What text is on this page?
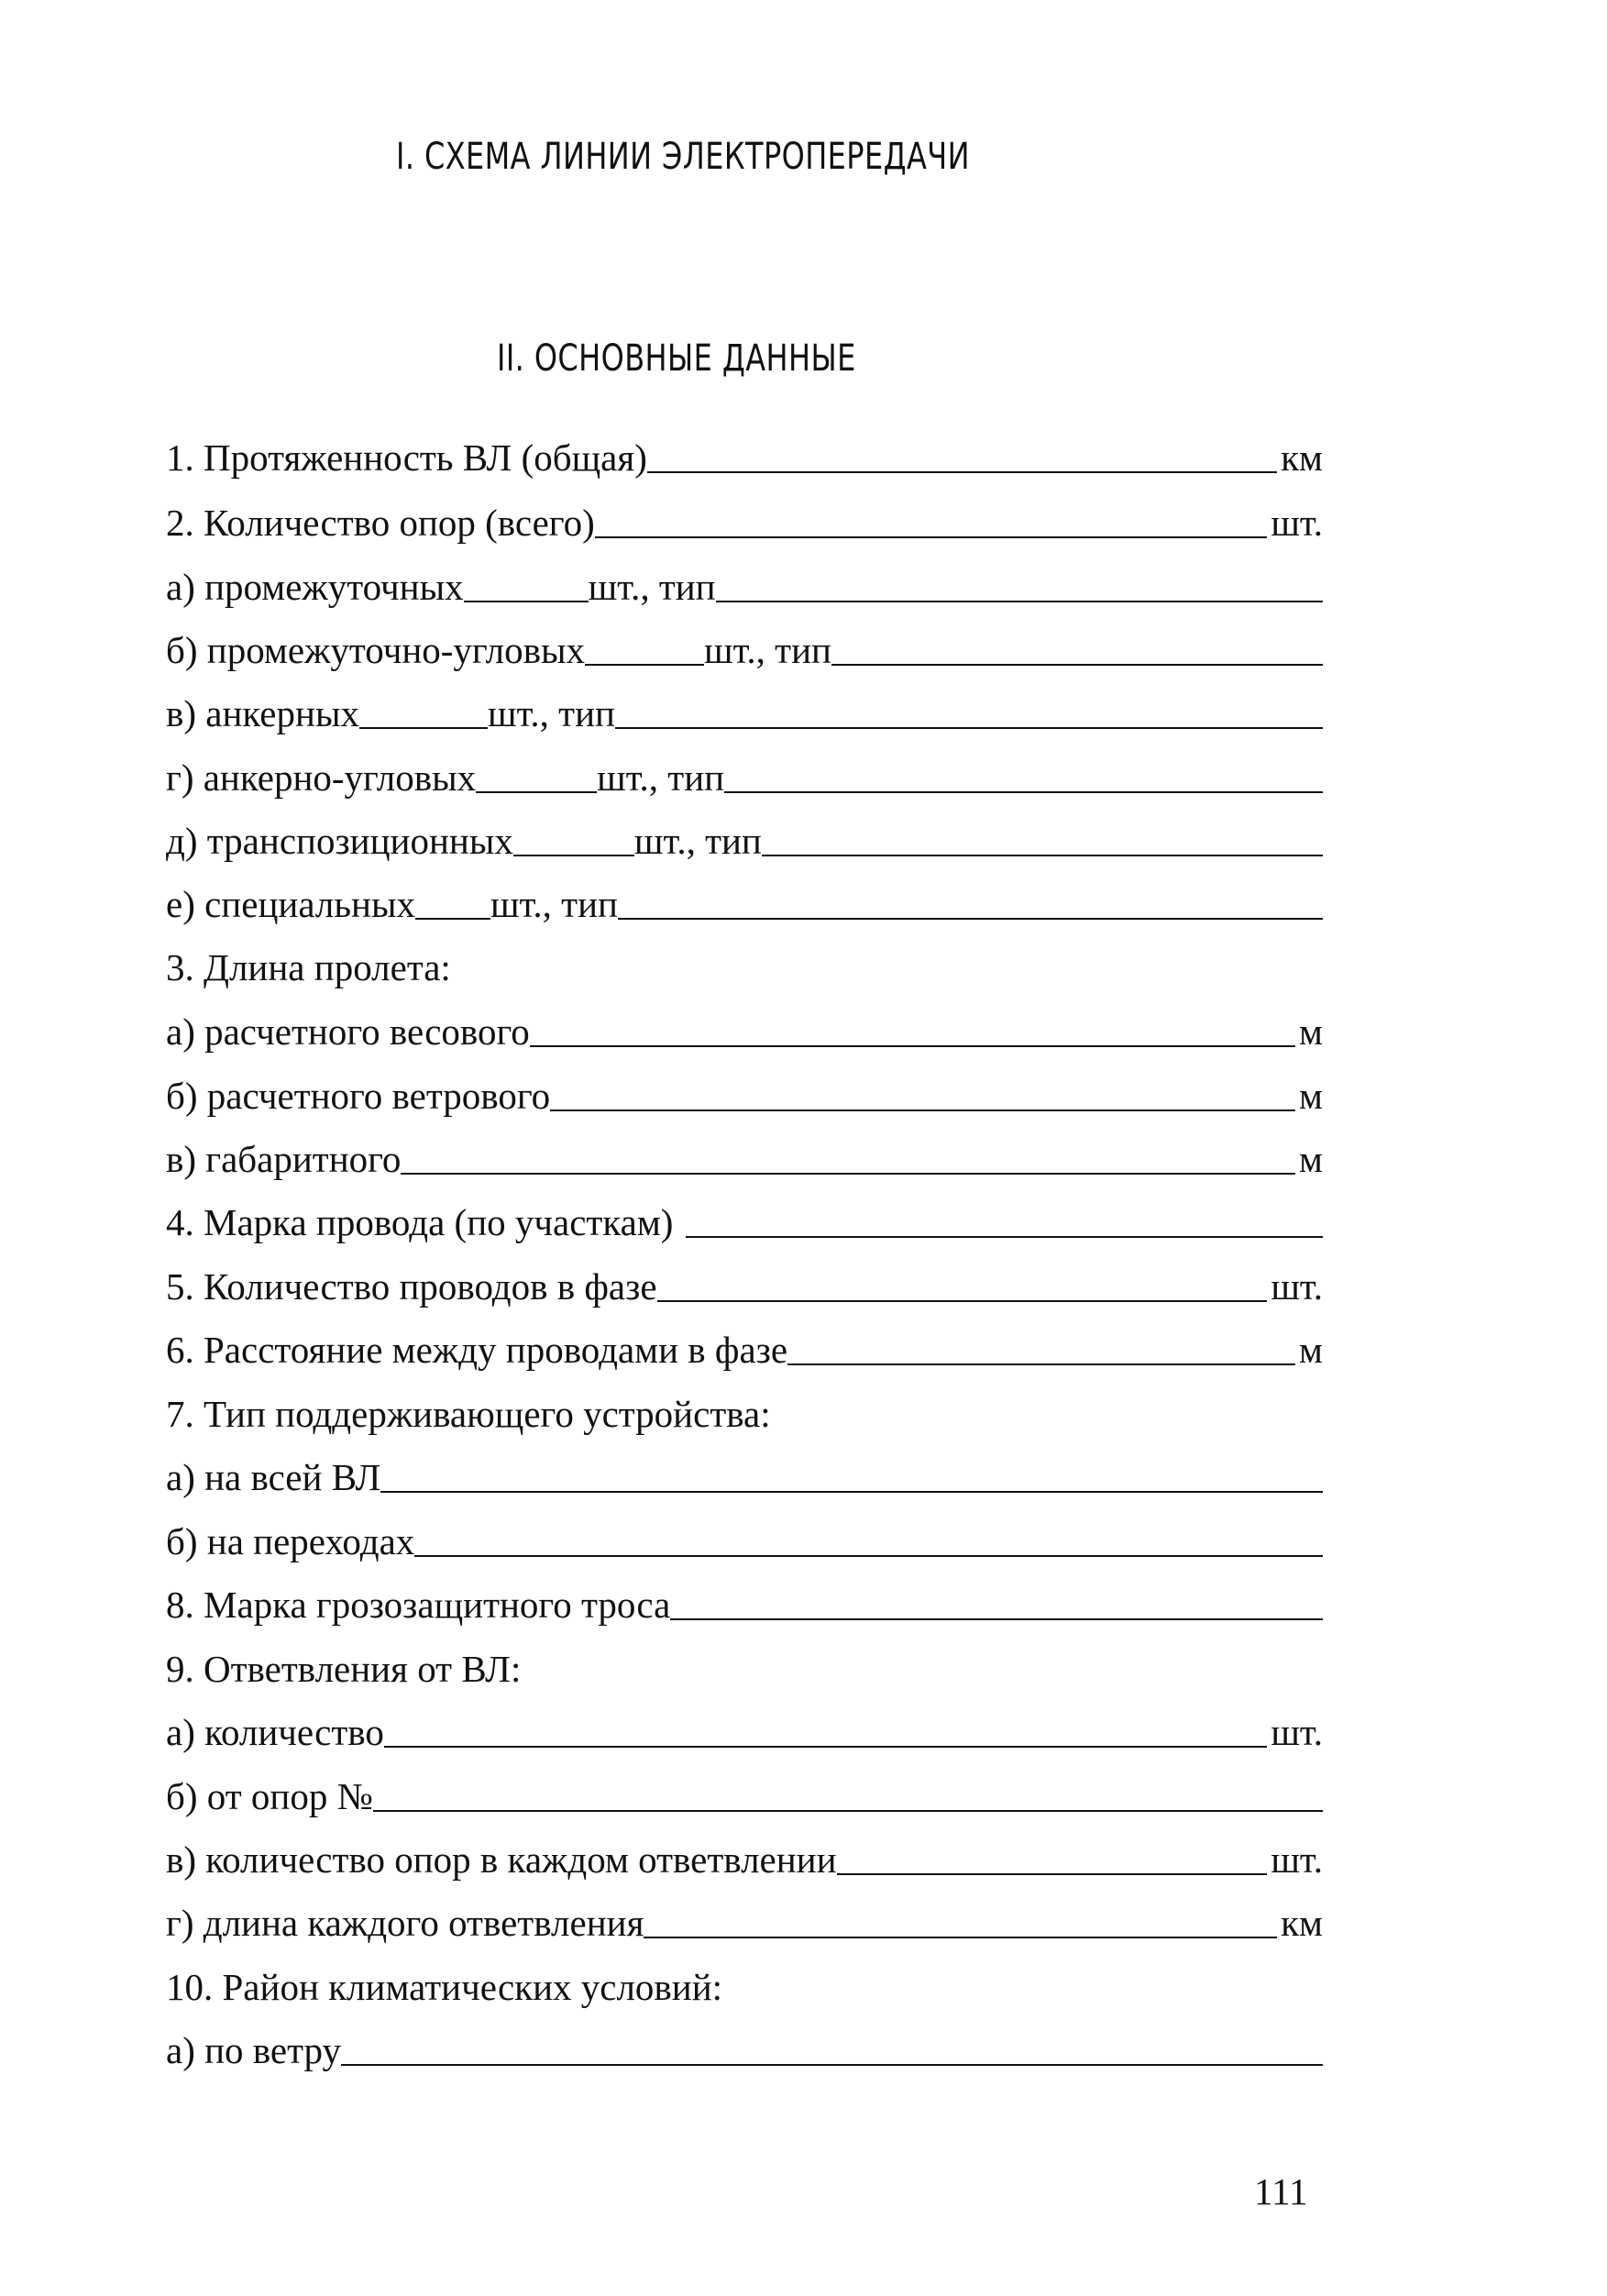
I. СХЕМА ЛИНИИ ЭЛЕКТРОПЕРЕДАЧИ
II. ОСНОВНЫЕ ДАННЫЕ
1. Протяженность ВЛ (общая)	км
2. Количество опор (всего)	шт.
а) промежуточных	шт., тип
б) промежуточно-угловых	шт., тип
в) анкерных	шт., тип
г) анкерно-угловых	шт., тип
д) транспозиционных	шт., тип
е) специальных шт., тип
3. Длина пролета:
а) расчетного весового	м
б) расчетного ветрового	м
в) габаритного	м
4. Марка провода (по участкам)
5. Количество проводов в фазе	шт.
6. Расстояние между проводами в фазе	м
7. Тип поддерживающего устройства:
а) на всей ВЛ
б) на переходах
8. Марка грозозащитного троса
9. Ответвления от ВЛ:
а) количество	шт.
б) от опор №
в) количество опор в каждом ответвлении	шт.
г) длина каждого ответвления	км
10. Район климатических условий:
а) по ветру
111
